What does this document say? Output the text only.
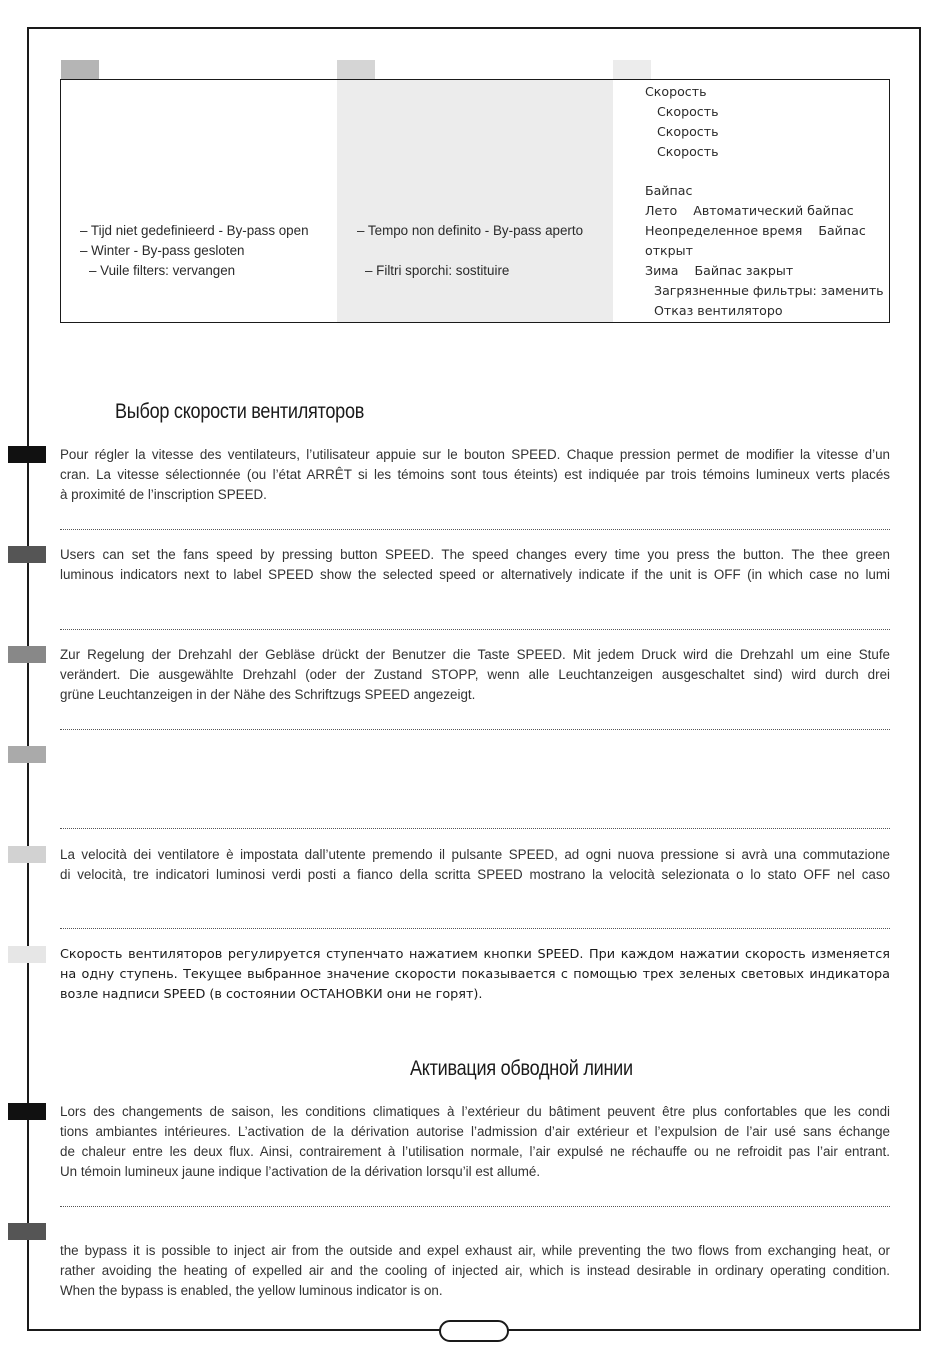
– Tijd niet gedefinieerd - By-pass open
– Winter - By-pass gesloten
– Vuile filters: vervangen
– Tempo non definito - By-pass aperto
– Filtri sporchi: sostituire
Скорость
Скорость
Скорость
Скорость
Байпас
Лето    Автоматический байпас
Неопределенное время    Байпас
открыт
Зима    Байпас закрыт
Загрязненные фильтры: заменить
Отказ вентиляторо
Выбор скорости вентиляторов
Pour régler la vitesse des ventilateurs, l’utilisateur appuie sur le bouton SPEED. Chaque pression permet de modifier la vitesse d’un
cran. La vitesse sélectionnée (ou l’état ARRÊT si les témoins sont tous éteints) est indiquée par trois témoins lumineux verts placés
à proximité de l’inscription SPEED.
Users can set the fans speed by pressing button SPEED. The speed changes every time you press the button. The thee green
luminous indicators next to label SPEED show the selected speed or alternatively indicate if the unit is OFF (in which case no lumi
Zur Regelung der Drehzahl der Gebläse drückt der Benutzer die Taste SPEED. Mit jedem Druck wird die Drehzahl um eine Stufe
verändert. Die ausgewählte Drehzahl (oder der Zustand STOPP, wenn alle Leuchtanzeigen ausgeschaltet sind) wird durch drei
grüne Leuchtanzeigen in der Nähe des Schriftzugs SPEED angezeigt.
La velocità dei ventilatore è impostata dall’utente premendo il pulsante SPEED, ad ogni nuova pressione si avrà una commutazione
di velocità, tre indicatori luminosi verdi posti a fianco della scritta SPEED mostrano la velocità selezionata o lo stato OFF nel caso
Скорость вентиляторов регулируется ступенчато нажатием кнопки SPEED. При каждом нажатии скорость изменяется
на одну ступень. Текущее выбранное значение скорости показывается с помощью трех зеленых световых индикатора
возле надписи SPEED (в состоянии ОСТАНОВКИ они не горят).
Активация обводной линии
Lors des changements de saison, les conditions climatiques à l’extérieur du bâtiment peuvent être plus confortables que les condi
tions ambiantes intérieures. L’activation de la dérivation autorise l’admission d’air extérieur et l’expulsion de l’air usé sans échange
de chaleur entre les deux flux. Ainsi, contrairement à l’utilisation normale, l’air expulsé ne réchauffe ou ne refroidit pas l’air entrant.
Un témoin lumineux jaune indique l’activation de la dérivation lorsqu’il est allumé.
the bypass it is possible to inject air from the outside and expel exhaust air, while preventing the two flows from exchanging heat, or
rather avoiding the heating of expelled air and the cooling of injected air, which is instead desirable in ordinary operating condition.
When the bypass is enabled, the yellow luminous indicator is on.
